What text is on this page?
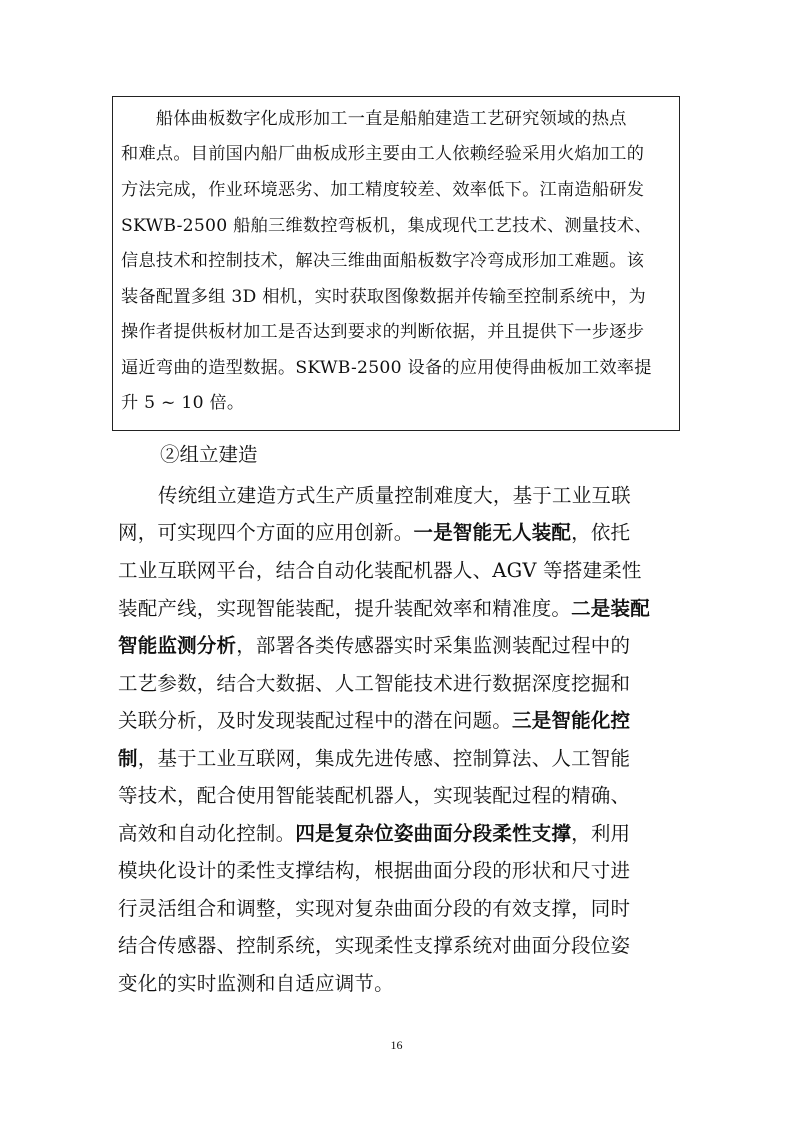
　　船体曲板数字化成形加工一直是船舶建造工艺研究领域的热点

和难点。目前国内船厂曲板成形主要由工人依赖经验采用火焰加工的

方法完成，作业环境恶劣、加工精度较差、效率低下。江南造船研发

SKWB-2500 船舶三维数控弯板机，集成现代工艺技术、测量技术、

信息技术和控制技术，解决三维曲面船板数字冷弯成形加工难题。该

装备配置多组 3D 相机，实时获取图像数据并传输至控制系统中，为

操作者提供板材加工是否达到要求的判断依据，并且提供下一步逐步

逼近弯曲的造型数据。SKWB-2500 设备的应用使得曲板加工效率提

升 5 ~ 10 倍。

②组立建造
传统组立建造方式生产质量控制难度大，基于工业互联
网，可实现四个方面的应用创新。一是智能无人装配，依托
工业互联网平台，结合自动化装配机器人、AGV 等搭建柔性
装配产线，实现智能装配，提升装配效率和精准度。二是装配
智能监测分析，部署各类传感器实时采集监测装配过程中的
工艺参数，结合大数据、人工智能技术进行数据深度挖掘和
关联分析，及时发现装配过程中的潜在问题。三是智能化控
制，基于工业互联网，集成先进传感、控制算法、人工智能
等技术，配合使用智能装配机器人，实现装配过程的精确、
高效和自动化控制。四是复杂位姿曲面分段柔性支撑，利用
模块化设计的柔性支撑结构，根据曲面分段的形状和尺寸进
行灵活组合和调整，实现对复杂曲面分段的有效支撑，同时
结合传感器、控制系统，实现柔性支撑系统对曲面分段位姿
变化的实时监测和自适应调节。
16
